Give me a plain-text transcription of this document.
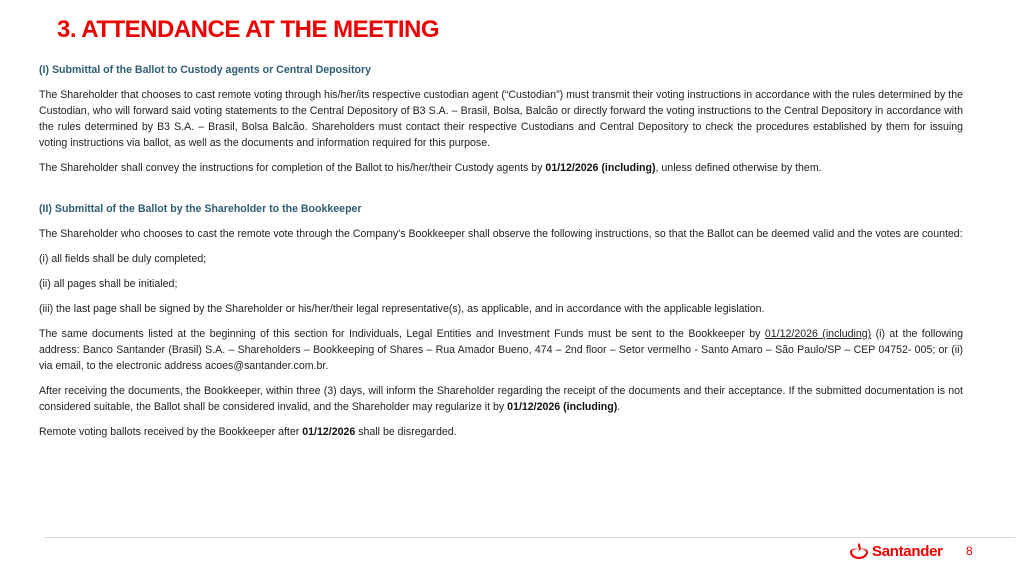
3. ATTENDANCE AT THE MEETING

(I) Submittal of the Ballot to Custody agents or Central Depository

The Shareholder that chooses to cast remote voting through his/her/its respective custodian agent (“Custodian”) must transmit their voting instructions in accordance with the rules determined by the Custodian, who will forward said voting statements to the Central Depository of B3 S.A. – Brasil, Bolsa, Balcão or directly forward the voting instructions to the Central Depository in accordance with the rules determined by B3 S.A. – Brasil, Bolsa Balcão. Shareholders must contact their respective Custodians and Central Depository to check the procedures established by them for issuing voting instructions via ballot, as well as the documents and information required for this purpose.

The Shareholder shall convey the instructions for completion of the Ballot to his/her/their Custody agents by 01/12/2026 (including), unless defined otherwise by them.

(II) Submittal of the Ballot by the Shareholder to the Bookkeeper

The Shareholder who chooses to cast the remote vote through the Company's Bookkeeper shall observe the following instructions, so that the Ballot can be deemed valid and the votes are counted:

(i) all fields shall be duly completed;

(ii) all pages shall be initialed;

(iii) the last page shall be signed by the Shareholder or his/her/their legal representative(s), as applicable, and in accordance with the applicable legislation.

The same documents listed at the beginning of this section for Individuals, Legal Entities and Investment Funds must be sent to the Bookkeeper by 01/12/2026 (including) (i) at the following address: Banco Santander (Brasil) S.A. – Shareholders – Bookkeeping of Shares – Rua Amador Bueno, 474 – 2nd floor – Setor vermelho - Santo Amaro – São Paulo/SP – CEP 04752- 005; or (ii) via email, to the electronic address acoes@santander.com.br.

After receiving the documents, the Bookkeeper, within three (3) days, will inform the Shareholder regarding the receipt of the documents and their acceptance. If the submitted documentation is not considered suitable, the Ballot shall be considered invalid, and the Shareholder may regularize it by 01/12/2026 (including).

Remote voting ballots received by the Bookkeeper after 01/12/2026 shall be disregarded.

Santander 8
